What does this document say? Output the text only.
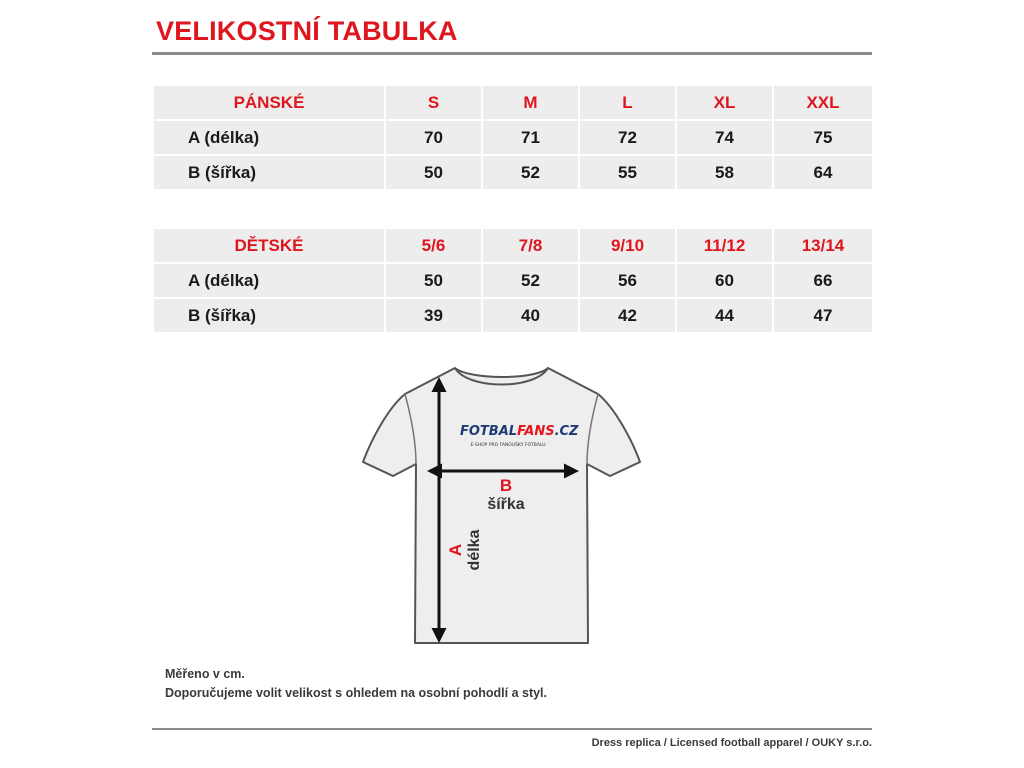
VELIKOSTNÍ TABULKA
PÁNSKÉ	S	M	L	XL	XXL
A (délka)	70	71	72	74	75
B (šířka)	50	52	55	58	64
DĚTSKÉ	5/6	7/8	9/10	11/12	13/14
A (délka)	50	52	56	60	66
B (šířka)	39	40	42	44	47
FOTBALFANS.CZ
E-SHOP PRO FANOUŠKY FOTBALU
B
šířka
A délka
Měřeno v cm.
Doporučujeme volit velikost s ohledem na osobní pohodlí a styl.
Dress replica / Licensed football apparel / OUKY s.r.o.
